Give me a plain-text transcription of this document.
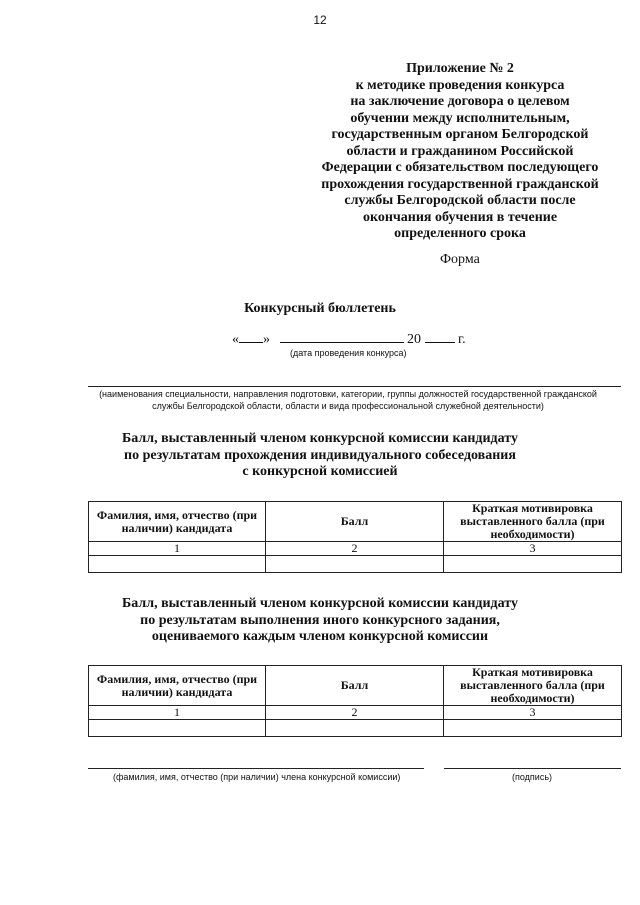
12
Приложение № 2
к методике проведения конкурса
на заключение договора о целевом
обучении между исполнительным,
государственным органом Белгородской
области и гражданином Российской
Федерации с обязательством последующего
прохождения государственной гражданской
службы Белгородской области после
окончания обучения в течение
определенного срока
Форма
Конкурсный бюллетень
« »	20	г.
(дата проведения конкурса)
(наименования специальности, направления подготовки, категории, группы должностей государственной гражданской
службы Белгородской области, области и вида профессиональной служебной деятельности)
Балл, выставленный членом конкурсной комиссии кандидату
по результатам прохождения индивидуального собеседования
с конкурсной комиссией
Фамилия, имя, отчество (при наличии) кандидата	Балл	Краткая мотивировка выставленного балла (при необходимости)
1	2	3

Балл, выставленный членом конкурсной комиссии кандидату
по результатам выполнения иного конкурсного задания,
оцениваемого каждым членом конкурсной комиссии
Фамилия, имя, отчество (при наличии) кандидата	Балл	Краткая мотивировка выставленного балла (при необходимости)
1	2	3

(фамилия, имя, отчество (при наличии) члена конкурсной комиссии)	(подпись)
